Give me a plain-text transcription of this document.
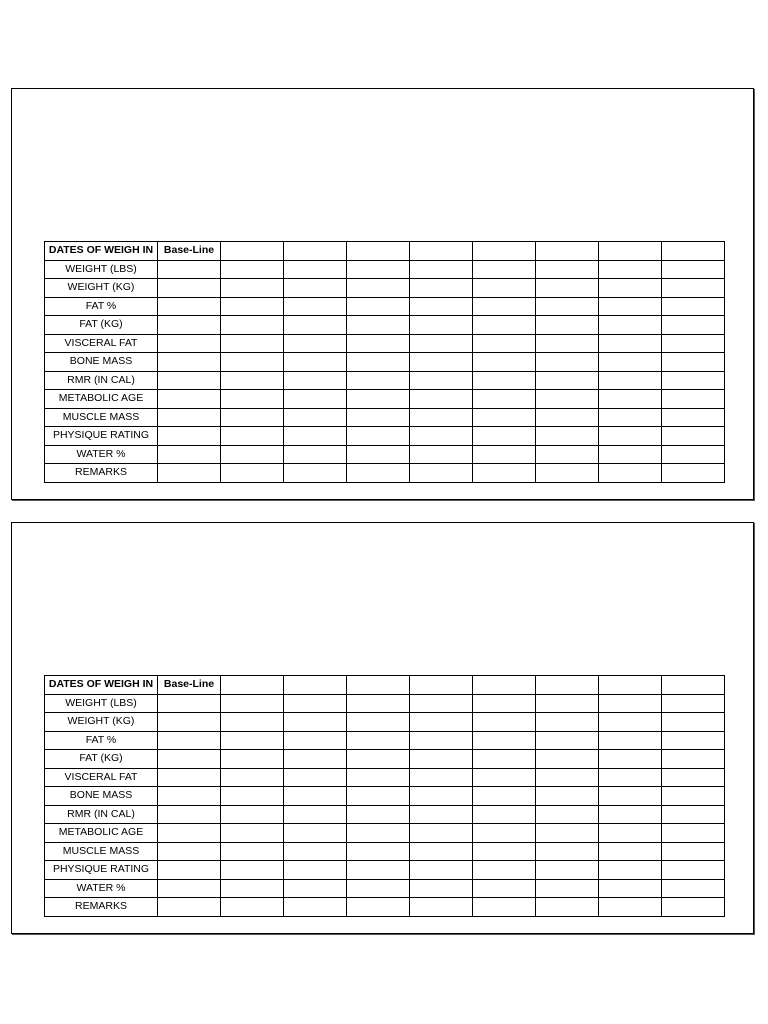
DATES OF WEIGH IN	Base-Line								
WEIGHT (LBS)									
WEIGHT (KG)									
FAT %									
FAT (KG)									
VISCERAL FAT									
BONE MASS									
RMR (IN CAL)									
METABOLIC AGE									
MUSCLE MASS									
PHYSIQUE RATING									
WATER %									
REMARKS									
DATES OF WEIGH IN	Base-Line								
WEIGHT (LBS)									
WEIGHT (KG)									
FAT %									
FAT (KG)									
VISCERAL FAT									
BONE MASS									
RMR (IN CAL)									
METABOLIC AGE									
MUSCLE MASS									
PHYSIQUE RATING									
WATER %									
REMARKS									
